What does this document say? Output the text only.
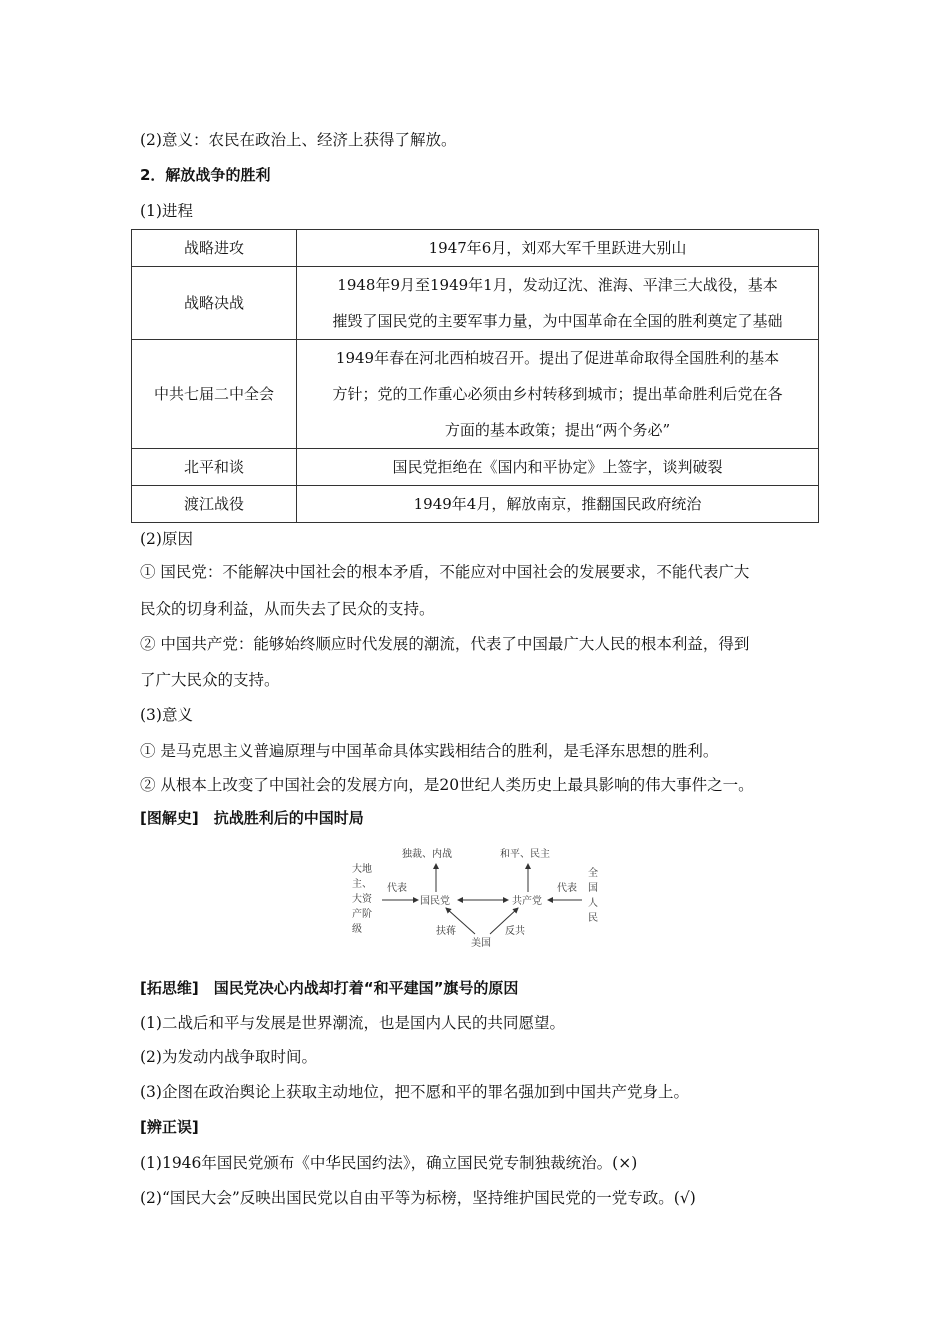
(2)意义：农民在政治上、经济上获得了解放。
2．解放战争的胜利
(1)进程
战略进攻	1947年6月，刘邓大军千里跃进大别山
战略决战	1948年9月至1949年1月，发动辽沈、淮海、平津三大战役，基本
摧毁了国民党的主要军事力量，为中国革命在全国的胜利奠定了基础
中共七届二中全会	1949年春在河北西柏坡召开。提出了促进革命取得全国胜利的基本
方针；党的工作重心必须由乡村转移到城市；提出革命胜利后党在各
方面的基本政策；提出“两个务必”
北平和谈	国民党拒绝在《国内和平协定》上签字，谈判破裂
渡江战役	1949年4月，解放南京，推翻国民政府统治
(2)原因
① 国民党：不能解决中国社会的根本矛盾，不能应对中国社会的发展要求，不能代表广大
民众的切身利益，从而失去了民众的支持。
② 中国共产党：能够始终顺应时代发展的潮流，代表了中国最广大人民的根本利益，得到
了广大民众的支持。
(3)意义
① 是马克思主义普遍原理与中国革命具体实践相结合的胜利，是毛泽东思想的胜利。
② 从根本上改变了中国社会的发展方向，是20世纪人类历史上最具影响的伟大事件之一。
[图解史]　抗战胜利后的中国时局
大地
主、
大资
产阶
级
代表
国民党
独裁、内战
共产党
和平、民主
代表
全
国
人
民
扶蒋
美国
反共
[拓思维]　国民党决心内战却打着“和平建国”旗号的原因
(1)二战后和平与发展是世界潮流，也是国内人民的共同愿望。
(2)为发动内战争取时间。
(3)企图在政治舆论上获取主动地位，把不愿和平的罪名强加到中国共产党身上。
[辨正误]
(1)1946年国民党颁布《中华民国约法》，确立国民党专制独裁统治。(×)
(2)“国民大会”反映出国民党以自由平等为标榜，坚持维护国民党的一党专政。(√)
